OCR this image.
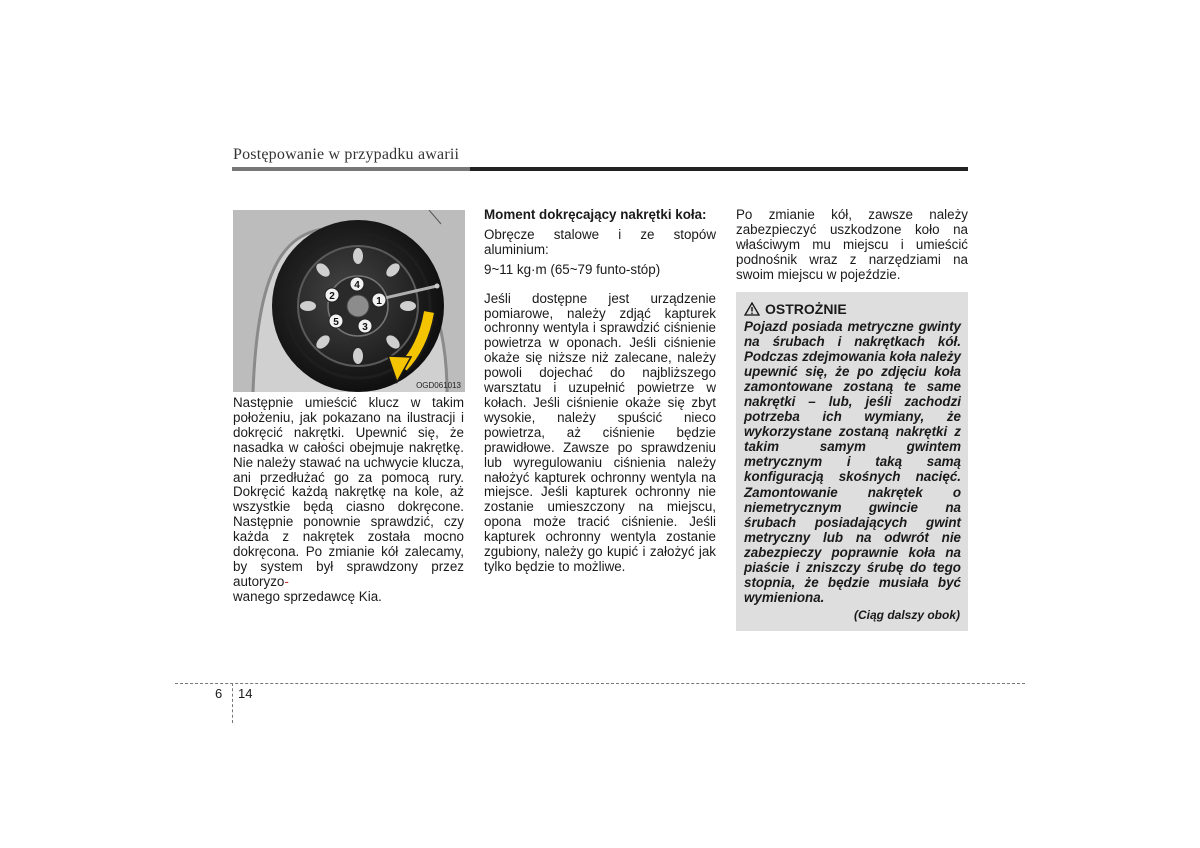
Postępowanie w przypadku awarii
1
2
3
4
5
OGD061013

Następnie umieścić klucz w takim położeniu, jak pokazano na ilustracji i dokręcić nakrętki. Upewnić się, że nasadka w całości obejmuje nakrętkę. Nie należy stawać na uchwycie klucza, ani przedłużać go za pomocą rury. Dokręcić każdą nakrętkę na kole, aż wszystkie będą ciasno dokręcone. Następnie ponownie sprawdzić, czy każda z nakrętek została mocno dokręcona. Po zmianie kół zalecamy, by system był sprawdzony przez autoryzo-
wanego sprzedawcę Kia.

Moment dokręcający nakrętki koła:

Obręcze stalowe i ze stopów aluminium:

9~11 kg·m (65~79 funto-stóp)

Jeśli dostępne jest urządzenie pomiarowe, należy zdjąć kapturek ochronny wentyla i sprawdzić ciśnienie powietrza w oponach. Jeśli ciśnienie okaże się niższe niż zalecane, należy powoli dojechać do najbliższego warsztatu i uzupełnić powietrze w kołach. Jeśli ciśnienie okaże się zbyt wysokie, należy spuścić nieco powietrza, aż ciśnienie będzie prawidłowe. Zawsze po sprawdzeniu lub wyregulowaniu ciśnienia należy nałożyć kapturek ochronny wentyla na miejsce. Jeśli kapturek ochronny nie zostanie umieszczony na miejscu, opona może tracić ciśnienie. Jeśli kapturek ochronny wentyla zostanie zgubiony, należy go kupić i założyć jak tylko będzie to możliwe.

Po zmianie kół, zawsze należy zabezpieczyć uszkodzone koło na właściwym mu miejscu i umieścić podnośnik wraz z narzędziami na swoim miejscu w pojeździe.

OSTROŻNIE
Pojazd posiada metryczne gwinty na śrubach i nakrętkach kół. Podczas zdejmowania koła należy upewnić się, że po zdjęciu koła zamontowane zostaną te same nakrętki – lub, jeśli zachodzi potrzeba ich wymiany, że wykorzystane zostaną nakrętki z takim samym gwintem metrycznym i taką samą konfiguracją skośnych nacięć. Zamontowanie nakrętek o niemetrycznym gwincie na śrubach posiadających gwint metryczny lub na odwrót nie zabezpieczy poprawnie koła na piaście i zniszczy śrubę do tego stopnia, że będzie musiała być wymieniona.
(Ciąg dalszy obok)
6 14
